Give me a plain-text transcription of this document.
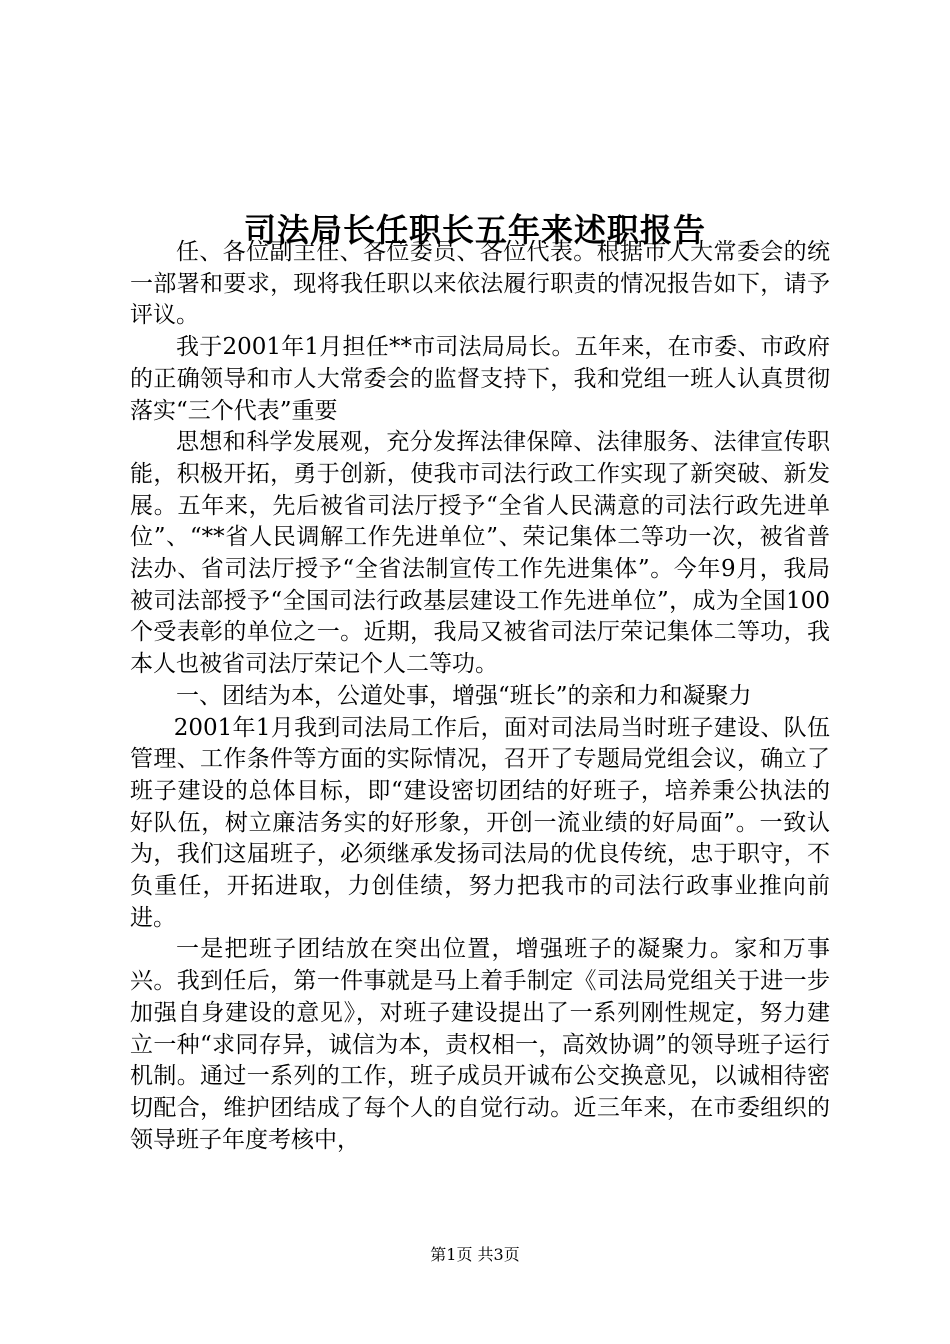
司法局长任职长五年来述职报告

任、各位副主任、各位委员、各位代表。根据市人大常委会的统一部署和要求，现将我任职以来依法履行职责的情况报告如下，请予评议。

我于2001年1月担任**市司法局局长。五年来，在市委、市政府的正确领导和市人大常委会的监督支持下，我和党组一班人认真贯彻落实“三个代表”重要

思想和科学发展观，充分发挥法律保障、法律服务、法律宣传职能，积极开拓，勇于创新，使我市司法行政工作实现了新突破、新发展。五年来，先后被省司法厅授予“全省人民满意的司法行政先进单位”、“**省人民调解工作先进单位”、荣记集体二等功一次，被省普法办、省司法厅授予“全省法制宣传工作先进集体”。今年9月，我局被司法部授予“全国司法行政基层建设工作先进单位”，成为全国100个受表彰的单位之一。近期，我局又被省司法厅荣记集体二等功，我本人也被省司法厅荣记个人二等功。

一、团结为本，公道处事，增强“班长”的亲和力和凝聚力

2001年1月我到司法局工作后，面对司法局当时班子建设、队伍管理、工作条件等方面的实际情况，召开了专题局党组会议，确立了班子建设的总体目标，即“建设密切团结的好班子，培养秉公执法的好队伍，树立廉洁务实的好形象，开创一流业绩的好局面”。一致认为，我们这届班子，必须继承发扬司法局的优良传统，忠于职守，不负重任，开拓进取，力创佳绩，努力把我市的司法行政事业推向前进。

一是把班子团结放在突出位置，增强班子的凝聚力。家和万事兴。我到任后，第一件事就是马上着手制定《司法局党组关于进一步加强自身建设的意见》，对班子建设提出了一系列刚性规定，努力建立一种“求同存异，诚信为本，责权相一，高效协调”的领导班子运行机制。通过一系列的工作，班子成员开诚布公交换意见，以诚相待密切配合，维护团结成了每个人的自觉行动。近三年来，在市委组织的领导班子年度考核中，

第1页 共3页
